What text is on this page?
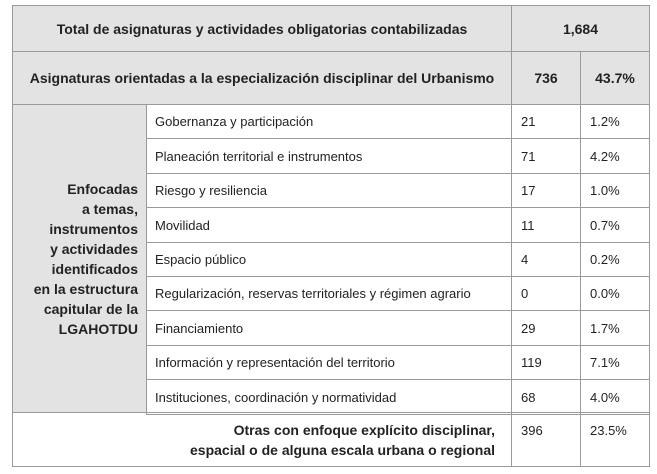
Total de asignaturas y actividades obligatorias contabilizadas	1,684
Asignaturas orientadas a la especialización disciplinar del Urbanismo	736	43.7%
Enfocadas
a temas,
instrumentos
y actividades
identificados
en la estructura
capitular de la
LGAHOTDU
Gobernanza y participación	21	1.2%
Planeación territorial e instrumentos	71	4.2%
Riesgo y resiliencia	17	1.0%
Movilidad	11	0.7%
Espacio público	4	0.2%
Regularización, reservas territoriales y régimen agrario	0	0.0%
Financiamiento	29	1.7%
Información y representación del territorio	119	7.1%
Instituciones, coordinación y normatividad	68	4.0%
Otras con enfoque explícito disciplinar,
espacial o de alguna escala urbana o regional
396	23.5%
